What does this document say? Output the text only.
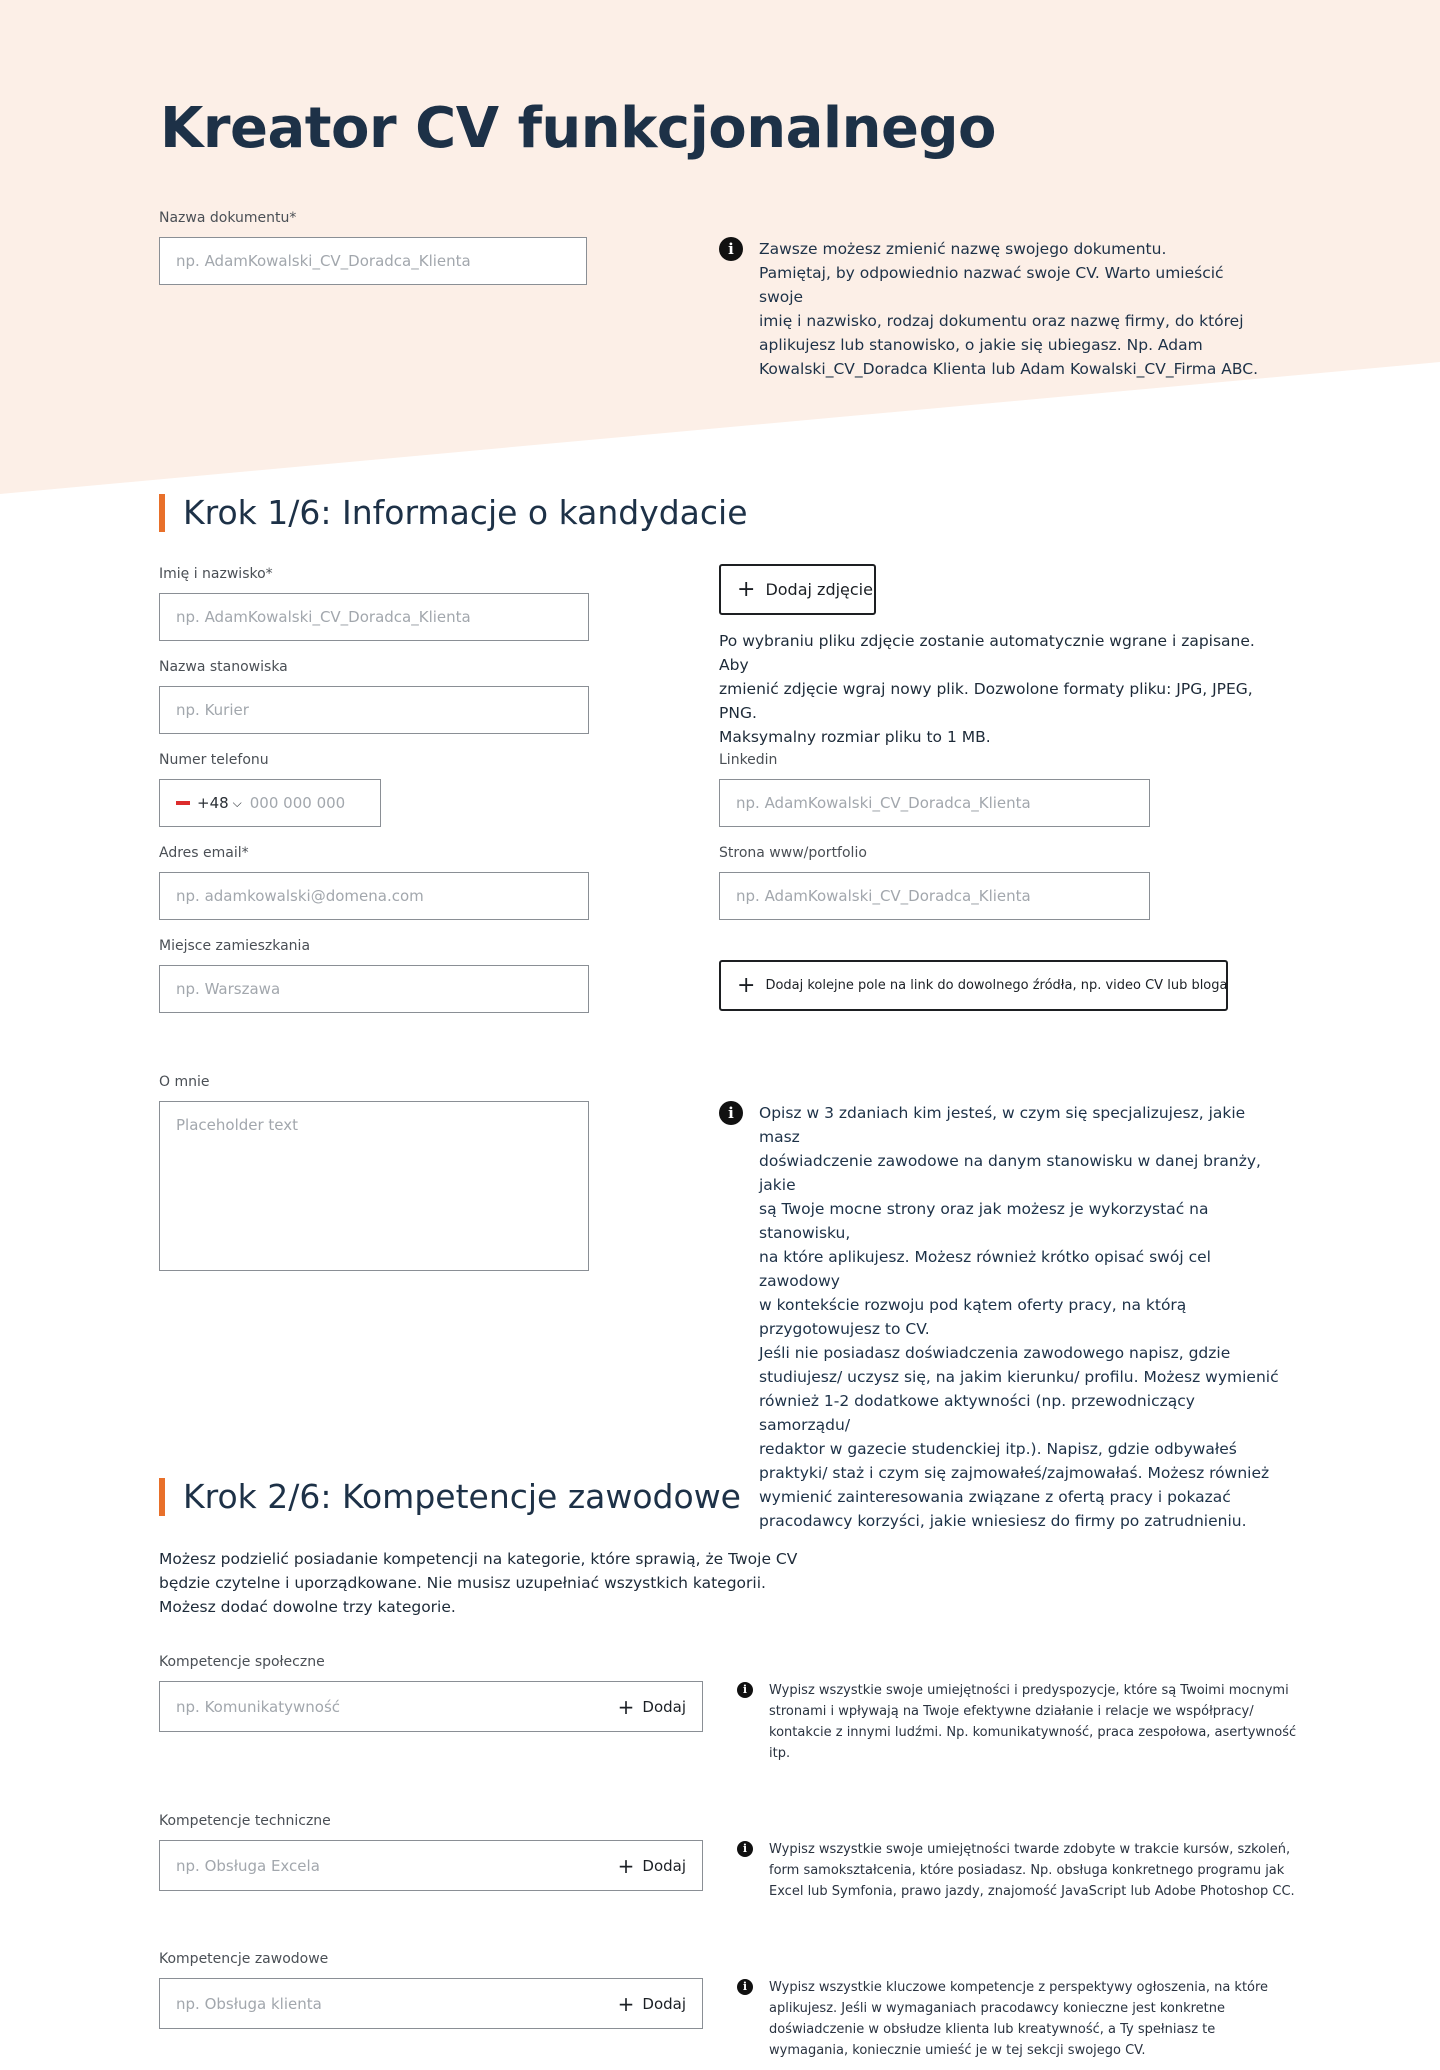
Kreator CV funkcjonalnego
Nazwa dokumentu*
np. AdamKowalski_CV_Doradca_Klienta
i	Zawsze możesz zmienić nazwę swojego dokumentu.
Pamiętaj, by odpowiednio nazwać swoje CV. Warto umieścić swoje
imię i nazwisko, rodzaj dokumentu oraz nazwę firmy, do której
aplikujesz lub stanowisko, o jakie się ubiegasz. Np. Adam
Kowalski_CV_Doradca Klienta lub Adam Kowalski_CV_Firma ABC.
Krok 1/6: Informacje o kandydacie
Imię i nazwisko*
np. AdamKowalski_CV_Doradca_Klienta
Nazwa stanowiska
np. Kurier
Numer telefonu
+48 ⌵ 000 000 000
Adres email*
np. adamkowalski@domena.com
Miejsce zamieszkania
np. Warszawa
+ Dodaj zdjęcie
Po wybraniu pliku zdjęcie zostanie automatycznie wgrane i zapisane. Aby
zmienić zdjęcie wgraj nowy plik. Dozwolone formaty pliku: JPG, JPEG, PNG.
Maksymalny rozmiar pliku to 1 MB.
Linkedin
np. AdamKowalski_CV_Doradca_Klienta
Strona www/portfolio
np. AdamKowalski_CV_Doradca_Klienta
+ Dodaj kolejne pole na link do dowolnego źródła, np. video CV lub bloga
O mnie
Placeholder text
i	Opisz w 3 zdaniach kim jesteś, w czym się specjalizujesz, jakie masz
doświadczenie zawodowe na danym stanowisku w danej branży, jakie
są Twoje mocne strony oraz jak możesz je wykorzystać na stanowisku,
na które aplikujesz. Możesz również krótko opisać swój cel zawodowy
w kontekście rozwoju pod kątem oferty pracy, na którą
przygotowujesz to CV.
Jeśli nie posiadasz doświadczenia zawodowego napisz, gdzie
studiujesz/ uczysz się, na jakim kierunku/ profilu. Możesz wymienić
również 1-2 dodatkowe aktywności (np. przewodniczący samorządu/
redaktor w gazecie studenckiej itp.). Napisz, gdzie odbywałeś
praktyki/ staż i czym się zajmowałeś/zajmowałaś. Możesz również
wymienić zainteresowania związane z ofertą pracy i pokazać
pracodawcy korzyści, jakie wniesiesz do firmy po zatrudnieniu.
Krok 2/6: Kompetencje zawodowe
Możesz podzielić posiadanie kompetencji na kategorie, które sprawią, że Twoje CV
będzie czytelne i uporządkowane. Nie musisz uzupełniać wszystkich kategorii.
Możesz dodać dowolne trzy kategorie.
Kompetencje społeczne
np. Komunikatywność	+ Dodaj
i	Wypisz wszystkie swoje umiejętności i predyspozycje, które są Twoimi mocnymi
stronami i wpływają na Twoje efektywne działanie i relacje we współpracy/
kontakcie z innymi ludźmi. Np. komunikatywność, praca zespołowa, asertywność
itp.
Kompetencje techniczne
np. Obsługa Excela	+ Dodaj
i	Wypisz wszystkie swoje umiejętności twarde zdobyte w trakcie kursów, szkoleń,
form samokształcenia, które posiadasz. Np. obsługa konkretnego programu jak
Excel lub Symfonia, prawo jazdy, znajomość JavaScript lub Adobe Photoshop CC.
Kompetencje zawodowe
np. Obsługa klienta	+ Dodaj
i	Wypisz wszystkie kluczowe kompetencje z perspektywy ogłoszenia, na które
aplikujesz. Jeśli w wymaganiach pracodawcy konieczne jest konkretne
doświadczenie w obsłudze klienta lub kreatywność, a Ty spełniasz te
wymagania, koniecznie umieść je w tej sekcji swojego CV.
